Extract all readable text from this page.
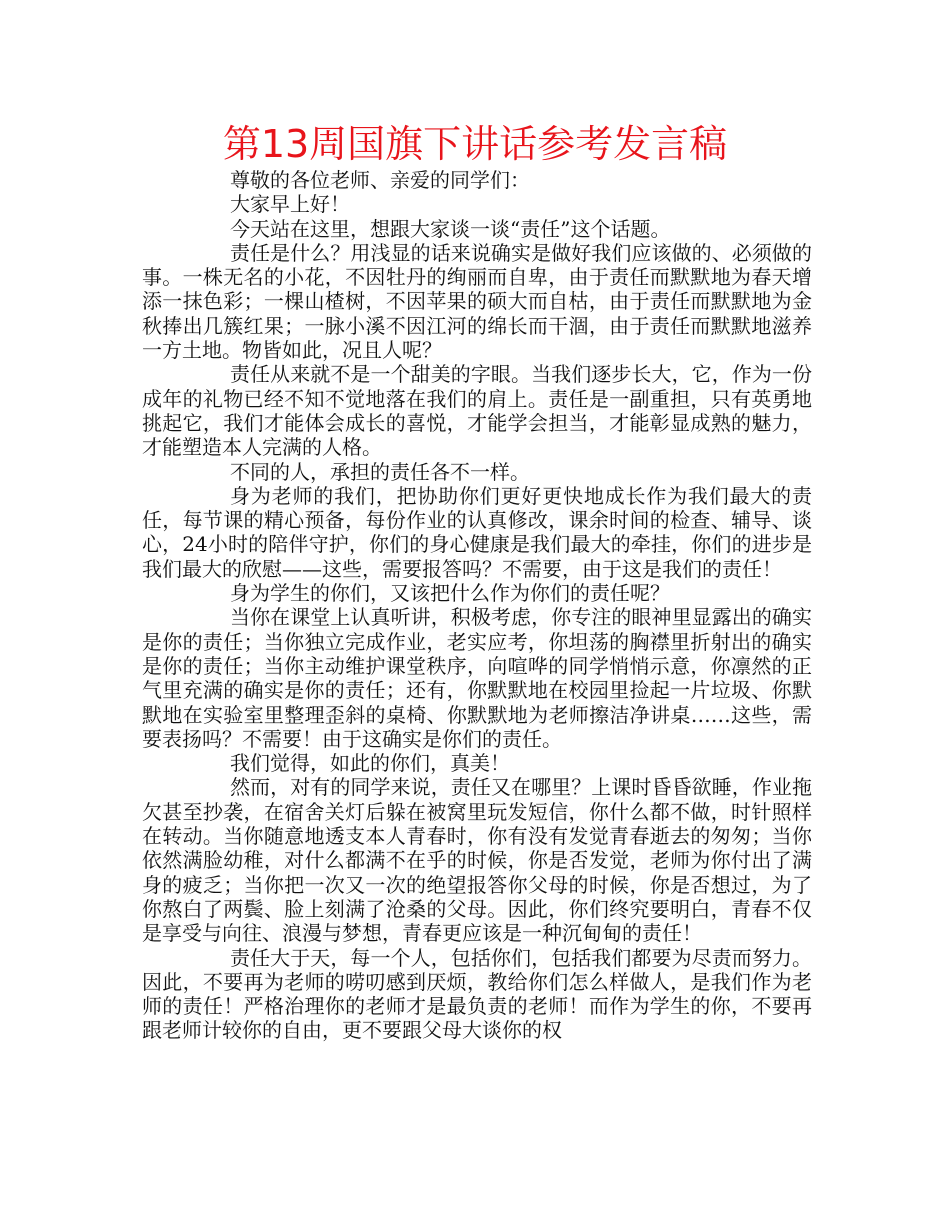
第13周国旗下讲话参考发言稿

尊敬的各位老师、亲爱的同学们：

大家早上好！

今天站在这里，想跟大家谈一谈“责任”这个话题。

责任是什么？用浅显的话来说确实是做好我们应该做的、必须做的事。一株无名的小花，不因牡丹的绚丽而自卑，由于责任而默默地为春天增添一抹色彩；一棵山楂树，不因苹果的硕大而自枯，由于责任而默默地为金秋捧出几簇红果；一脉小溪不因江河的绵长而干涸，由于责任而默默地滋养一方土地。物皆如此，况且人呢？

责任从来就不是一个甜美的字眼。当我们逐步长大，它，作为一份成年的礼物已经不知不觉地落在我们的肩上。责任是一副重担，只有英勇地挑起它，我们才能体会成长的喜悦，才能学会担当，才能彰显成熟的魅力，才能塑造本人完满的人格。

不同的人，承担的责任各不一样。

身为老师的我们，把协助你们更好更快地成长作为我们最大的责任，每节课的精心预备，每份作业的认真修改，课余时间的检查、辅导、谈心，24小时的陪伴守护，你们的身心健康是我们最大的牵挂，你们的进步是我们最大的欣慰——这些，需要报答吗？不需要，由于这是我们的责任！

身为学生的你们，又该把什么作为你们的责任呢？

当你在课堂上认真听讲，积极考虑，你专注的眼神里显露出的确实是你的责任；当你独立完成作业，老实应考，你坦荡的胸襟里折射出的确实是你的责任；当你主动维护课堂秩序，向喧哗的同学悄悄示意，你凛然的正气里充满的确实是你的责任；还有，你默默地在校园里捡起一片垃圾、你默默地在实验室里整理歪斜的桌椅、你默默地为老师擦洁净讲桌……这些，需要表扬吗？不需要！由于这确实是你们的责任。

我们觉得，如此的你们，真美！

然而，对有的同学来说，责任又在哪里？上课时昏昏欲睡，作业拖欠甚至抄袭，在宿舍关灯后躲在被窝里玩发短信，你什么都不做，时针照样在转动。当你随意地透支本人青春时，你有没有发觉青春逝去的匆匆；当你依然满脸幼稚，对什么都满不在乎的时候，你是否发觉，老师为你付出了满身的疲乏；当你把一次又一次的绝望报答你父母的时候，你是否想过，为了你熬白了两鬓、脸上刻满了沧桑的父母。因此，你们终究要明白，青春不仅是享受与向往、浪漫与梦想，青春更应该是一种沉甸甸的责任！

责任大于天，每一个人，包括你们，包括我们都要为尽责而努力。因此，不要再为老师的唠叨感到厌烦，教给你们怎么样做人，是我们作为老师的责任！严格治理你的老师才是最负责的老师！而作为学生的你，不要再跟老师计较你的自由，更不要跟父母大谈你的权
